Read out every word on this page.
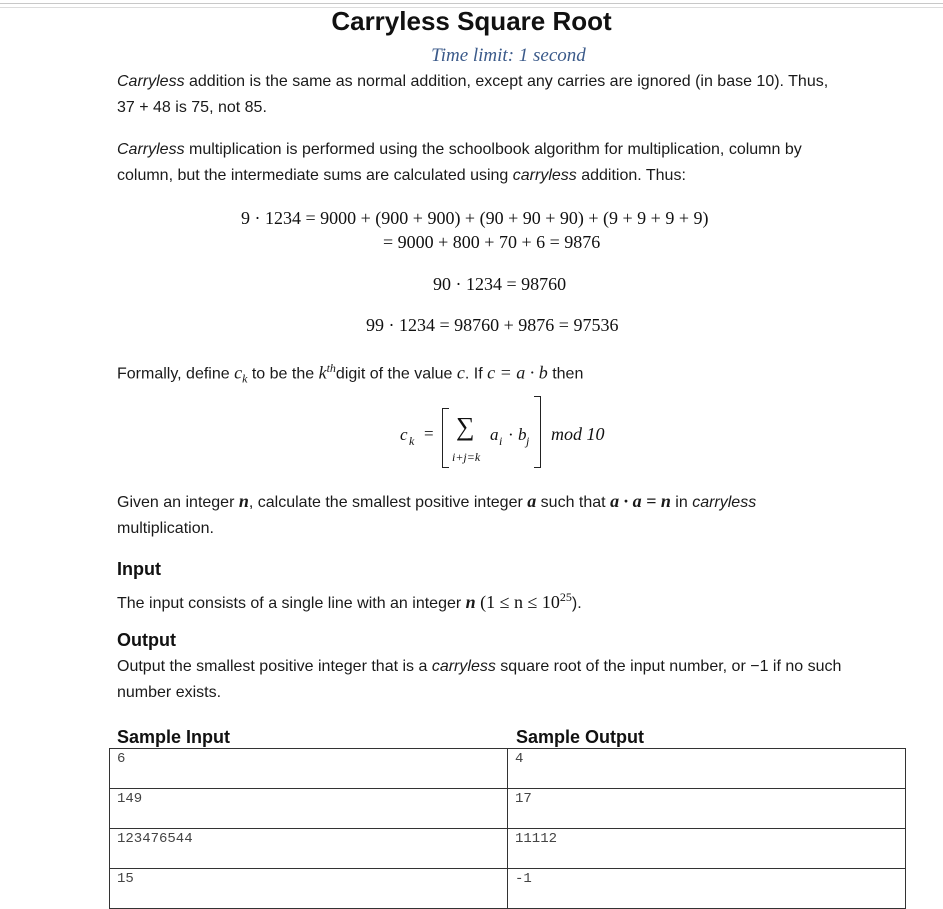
Carryless Square Root
Time limit: 1 second
Carryless addition is the same as normal addition, except any carries are ignored (in base 10). Thus,
37 + 48 is 75, not 85.
Carryless multiplication is performed using the schoolbook algorithm for multiplication, column by
column, but the intermediate sums are calculated using carryless addition. Thus:
9 · 1234 = 9000 + (900 + 900) + (90 + 90 + 90) + (9 + 9 + 9 + 9)
= 9000 + 800 + 70 + 6 = 9876
90 · 1234 = 98760
99 · 1234 = 98760 + 9876 = 97536
Formally, define $c_k$ to be the $k^{th}digit$ of the value c. If c = a · b then
c k = ∑
i+j=k
a i · b j mod 10
Given an integer n, calculate the smallest positive integer a such that a · a = n in carryless
multiplication.
Input
The input consists of a single line with an integer n $(1 \le n \le 10^{25})$.
Output
Output the smallest positive integer that is a carryless square root of the input number, or −1 if no such
number exists.
Sample Input	Sample Output
6	4
149	17
123476544	11112
15	-1
